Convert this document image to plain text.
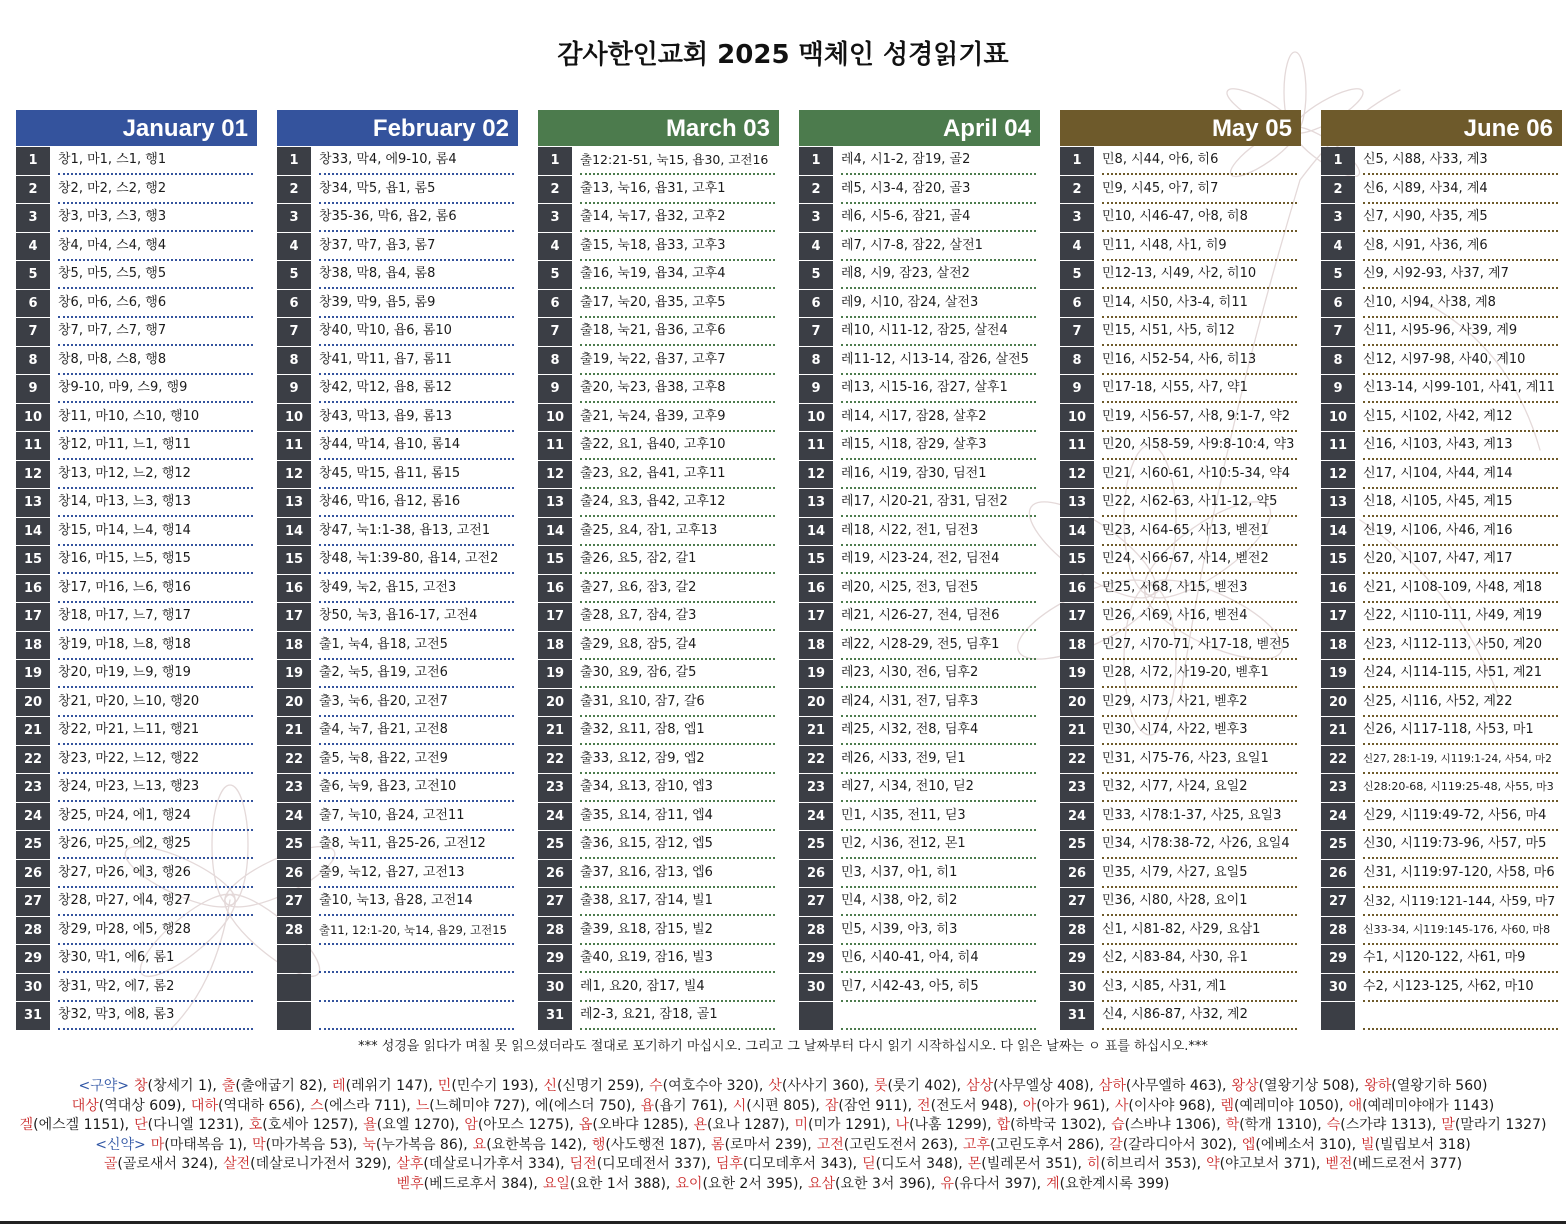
감사한인교회 2025 맥체인 성경읽기표
January 01
1	창1, 마1, 스1, 행1
2	창2, 마2, 스2, 행2
3	창3, 마3, 스3, 행3
4	창4, 마4, 스4, 행4
5	창5, 마5, 스5, 행5
6	창6, 마6, 스6, 행6
7	창7, 마7, 스7, 행7
8	창8, 마8, 스8, 행8
9	창9-10, 마9, 스9, 행9
10	창11, 마10, 스10, 행10
11	창12, 마11, 느1, 행11
12	창13, 마12, 느2, 행12
13	창14, 마13, 느3, 행13
14	창15, 마14, 느4, 행14
15	창16, 마15, 느5, 행15
16	창17, 마16, 느6, 행16
17	창18, 마17, 느7, 행17
18	창19, 마18, 느8, 행18
19	창20, 마19, 느9, 행19
20	창21, 마20, 느10, 행20
21	창22, 마21, 느11, 행21
22	창23, 마22, 느12, 행22
23	창24, 마23, 느13, 행23
24	창25, 마24, 에1, 행24
25	창26, 마25, 에2, 행25
26	창27, 마26, 에3, 행26
27	창28, 마27, 에4, 행27
28	창29, 마28, 에5, 행28
29	창30, 막1, 에6, 롬1
30	창31, 막2, 에7, 롬2
31	창32, 막3, 에8, 롬3
February 02
1	창33, 막4, 에9-10, 롬4
2	창34, 막5, 욥1, 롬5
3	창35-36, 막6, 욥2, 롬6
4	창37, 막7, 욥3, 롬7
5	창38, 막8, 욥4, 롬8
6	창39, 막9, 욥5, 롬9
7	창40, 막10, 욥6, 롬10
8	창41, 막11, 욥7, 롬11
9	창42, 막12, 욥8, 롬12
10	창43, 막13, 욥9, 롬13
11	창44, 막14, 욥10, 롬14
12	창45, 막15, 욥11, 롬15
13	창46, 막16, 욥12, 롬16
14	창47, 눅1:1-38, 욥13, 고전1
15	창48, 눅1:39-80, 욥14, 고전2
16	창49, 눅2, 욥15, 고전3
17	창50, 눅3, 욥16-17, 고전4
18	출1, 눅4, 욥18, 고전5
19	출2, 눅5, 욥19, 고전6
20	출3, 눅6, 욥20, 고전7
21	출4, 눅7, 욥21, 고전8
22	출5, 눅8, 욥22, 고전9
23	출6, 눅9, 욥23, 고전10
24	출7, 눅10, 욥24, 고전11
25	출8, 눅11, 욥25-26, 고전12
26	출9, 눅12, 욥27, 고전13
27	출10, 눅13, 욥28, 고전14
28	출11, 12:1-20, 눅14, 욥29, 고전15
March 03
1	출12:21-51, 눅15, 욥30, 고전16
2	출13, 눅16, 욥31, 고후1
3	출14, 눅17, 욥32, 고후2
4	출15, 눅18, 욥33, 고후3
5	출16, 눅19, 욥34, 고후4
6	출17, 눅20, 욥35, 고후5
7	출18, 눅21, 욥36, 고후6
8	출19, 눅22, 욥37, 고후7
9	출20, 눅23, 욥38, 고후8
10	출21, 눅24, 욥39, 고후9
11	출22, 요1, 욥40, 고후10
12	출23, 요2, 욥41, 고후11
13	출24, 요3, 욥42, 고후12
14	출25, 요4, 잠1, 고후13
15	출26, 요5, 잠2, 갈1
16	출27, 요6, 잠3, 갈2
17	출28, 요7, 잠4, 갈3
18	출29, 요8, 잠5, 갈4
19	출30, 요9, 잠6, 갈5
20	출31, 요10, 잠7, 갈6
21	출32, 요11, 잠8, 엡1
22	출33, 요12, 잠9, 엡2
23	출34, 요13, 잠10, 엡3
24	출35, 요14, 잠11, 엡4
25	출36, 요15, 잠12, 엡5
26	출37, 요16, 잠13, 엡6
27	출38, 요17, 잠14, 빌1
28	출39, 요18, 잠15, 빌2
29	출40, 요19, 잠16, 빌3
30	레1, 요20, 잠17, 빌4
31	레2-3, 요21, 잠18, 골1
April 04
1	레4, 시1-2, 잠19, 골2
2	레5, 시3-4, 잠20, 골3
3	레6, 시5-6, 잠21, 골4
4	레7, 시7-8, 잠22, 살전1
5	레8, 시9, 잠23, 살전2
6	레9, 시10, 잠24, 살전3
7	레10, 시11-12, 잠25, 살전4
8	레11-12, 시13-14, 잠26, 살전5
9	레13, 시15-16, 잠27, 살후1
10	레14, 시17, 잠28, 살후2
11	레15, 시18, 잠29, 살후3
12	레16, 시19, 잠30, 딤전1
13	레17, 시20-21, 잠31, 딤전2
14	레18, 시22, 전1, 딤전3
15	레19, 시23-24, 전2, 딤전4
16	레20, 시25, 전3, 딤전5
17	레21, 시26-27, 전4, 딤전6
18	레22, 시28-29, 전5, 딤후1
19	레23, 시30, 전6, 딤후2
20	레24, 시31, 전7, 딤후3
21	레25, 시32, 전8, 딤후4
22	레26, 시33, 전9, 딛1
23	레27, 시34, 전10, 딛2
24	민1, 시35, 전11, 딛3
25	민2, 시36, 전12, 몬1
26	민3, 시37, 아1, 히1
27	민4, 시38, 아2, 히2
28	민5, 시39, 아3, 히3
29	민6, 시40-41, 아4, 히4
30	민7, 시42-43, 아5, 히5
May 05
1	민8, 시44, 아6, 히6
2	민9, 시45, 아7, 히7
3	민10, 시46-47, 아8, 히8
4	민11, 시48, 사1, 히9
5	민12-13, 시49, 사2, 히10
6	민14, 시50, 사3-4, 히11
7	민15, 시51, 사5, 히12
8	민16, 시52-54, 사6, 히13
9	민17-18, 시55, 사7, 약1
10	민19, 시56-57, 사8, 9:1-7, 약2
11	민20, 시58-59, 사9:8-10:4, 약3
12	민21, 시60-61, 사10:5-34, 약4
13	민22, 시62-63, 사11-12, 약5
14	민23, 시64-65, 사13, 벧전1
15	민24, 시66-67, 사14, 벧전2
16	민25, 시68, 사15, 벧전3
17	민26, 시69, 사16, 벧전4
18	민27, 시70-71, 사17-18, 벧전5
19	민28, 시72, 사19-20, 벧후1
20	민29, 시73, 사21, 벧후2
21	민30, 시74, 사22, 벧후3
22	민31, 시75-76, 사23, 요일1
23	민32, 시77, 사24, 요일2
24	민33, 시78:1-37, 사25, 요일3
25	민34, 시78:38-72, 사26, 요일4
26	민35, 시79, 사27, 요일5
27	민36, 시80, 사28, 요이1
28	신1, 시81-82, 사29, 요삼1
29	신2, 시83-84, 사30, 유1
30	신3, 시85, 사31, 계1
31	신4, 시86-87, 사32, 계2
June 06
1	신5, 시88, 사33, 계3
2	신6, 시89, 사34, 계4
3	신7, 시90, 사35, 계5
4	신8, 시91, 사36, 계6
5	신9, 시92-93, 사37, 계7
6	신10, 시94, 사38, 계8
7	신11, 시95-96, 사39, 계9
8	신12, 시97-98, 사40, 계10
9	신13-14, 시99-101, 사41, 계11
10	신15, 시102, 사42, 계12
11	신16, 시103, 사43, 계13
12	신17, 시104, 사44, 계14
13	신18, 시105, 사45, 계15
14	신19, 시106, 사46, 계16
15	신20, 시107, 사47, 계17
16	신21, 시108-109, 사48, 계18
17	신22, 시110-111, 사49, 계19
18	신23, 시112-113, 사50, 계20
19	신24, 시114-115, 사51, 계21
20	신25, 시116, 사52, 계22
21	신26, 시117-118, 사53, 마1
22	신27, 28:1-19, 시119:1-24, 사54, 마2
23	신28:20-68, 시119:25-48, 사55, 마3
24	신29, 시119:49-72, 사56, 마4
25	신30, 시119:73-96, 사57, 마5
26	신31, 시119:97-120, 사58, 마6
27	신32, 시119:121-144, 사59, 마7
28	신33-34, 시119:145-176, 사60, 마8
29	수1, 시120-122, 사61, 마9
30	수2, 시123-125, 사62, 마10
*** 성경을 읽다가 며칠 못 읽으셨더라도 절대로 포기하기 마십시오. 그리고 그 날짜부터 다시 읽기 시작하십시오. 다 읽은 날짜는 ㅇ 표를 하십시오.***
<구약> 창(창세기 1), 출(출애굽기 82), 레(레위기 147), 민(민수기 193), 신(신명기 259), 수(여호수아 320), 삿(사사기 360), 룻(룻기 402), 삼상(사무엘상 408), 삼하(사무엘하 463), 왕상(열왕기상 508), 왕하(열왕기하 560)
대상(역대상 609), 대하(역대하 656), 스(에스라 711), 느(느헤미야 727), 에(에스더 750), 욥(욥기 761), 시(시편 805), 잠(잠언 911), 전(전도서 948), 아(아가 961), 사(이사야 968), 렘(예레미야 1050), 애(예레미야애가 1143)
겔(에스겔 1151), 단(다니엘 1231), 호(호세아 1257), 욜(요엘 1270), 암(아모스 1275), 옵(오바댜 1285), 욘(요나 1287), 미(미가 1291), 나(나훔 1299), 합(하박국 1302), 습(스바냐 1306), 학(학개 1310), 슥(스가랴 1313), 말(말라기 1327)
<신약> 마(마태복음 1), 막(마가복음 53), 눅(누가복음 86), 요(요한복음 142), 행(사도행전 187), 롬(로마서 239), 고전(고린도전서 263), 고후(고린도후서 286), 갈(갈라디아서 302), 엡(에베소서 310), 빌(빌립보서 318)
골(골로새서 324), 살전(데살로니가전서 329), 살후(데살로니가후서 334), 딤전(디모데전서 337), 딤후(디모데후서 343), 딛(디도서 348), 몬(빌레몬서 351), 히(히브리서 353), 약(야고보서 371), 벧전(베드로전서 377)
벧후(베드로후서 384), 요일(요한 1서 388), 요이(요한 2서 395), 요삼(요한 3서 396), 유(유다서 397), 계(요한계시록 399)
